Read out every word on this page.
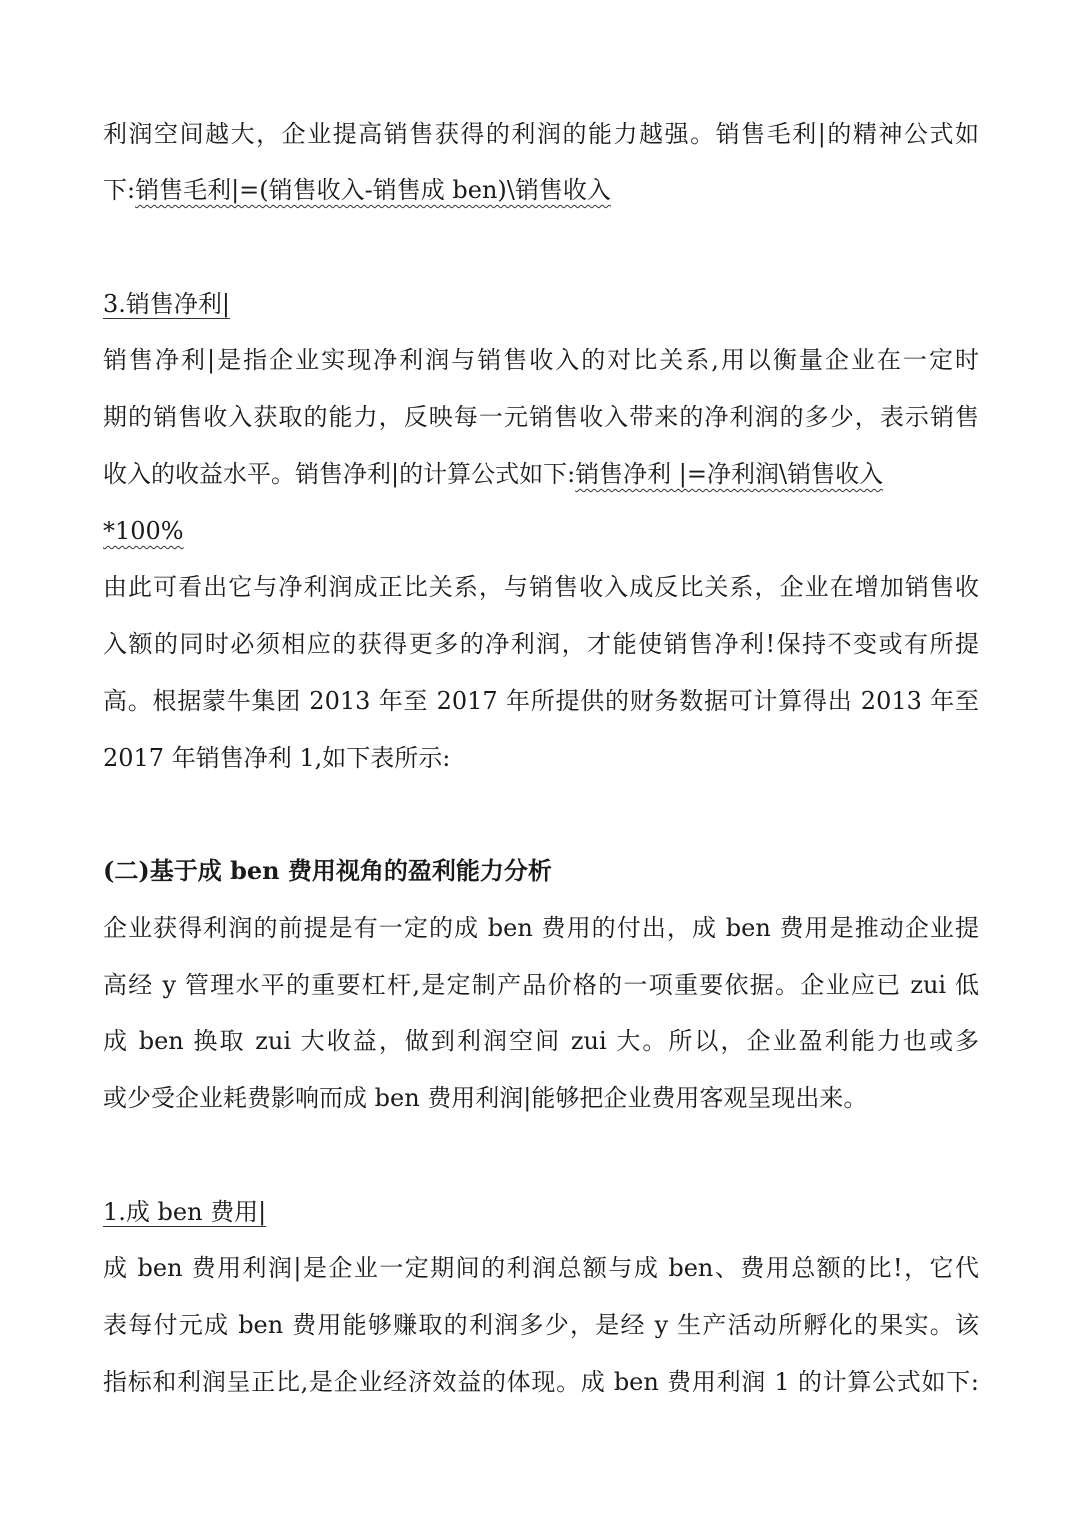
利润空间越大，企业提高销售获得的利润的能力越强。销售毛利|的精神公式如
下:销售毛利|=(销售收入-销售成 ben)\销售收入
3.销售净利|
销售净利|是指企业实现净利润与销售收入的对比关系,用以衡量企业在一定时
期的销售收入获取的能力，反映每一元销售收入带来的净利润的多少，表示销售
收入的收益水平。销售净利|的计算公式如下:销售净利 |=净利润\销售收入
*100%
由此可看出它与净利润成正比关系，与销售收入成反比关系，企业在增加销售收
入额的同时必须相应的获得更多的净利润，才能使销售净利!保持不变或有所提
高。根据蒙牛集团 2013 年至 2017 年所提供的财务数据可计算得出 2013 年至
2017 年销售净利 1,如下表所示:
(二)基于成 ben 费用视角的盈利能力分析
企业获得利润的前提是有一定的成 ben 费用的付出，成 ben 费用是推动企业提
高经 y 管理水平的重要杠杆,是定制产品价格的一项重要依据。企业应已 zui 低
成 ben 换取 zui 大收益，做到利润空间 zui 大。所以，企业盈利能力也或多
或少受企业耗费影响而成 ben 费用利润|能够把企业费用客观呈现出来。
1.成 ben 费用|
成 ben 费用利润|是企业一定期间的利润总额与成 ben、费用总额的比!，它代
表每付元成 ben 费用能够赚取的利润多少，是经 y 生产活动所孵化的果实。该
指标和利润呈正比,是企业经济效益的体现。成 ben 费用利润 1 的计算公式如下:
